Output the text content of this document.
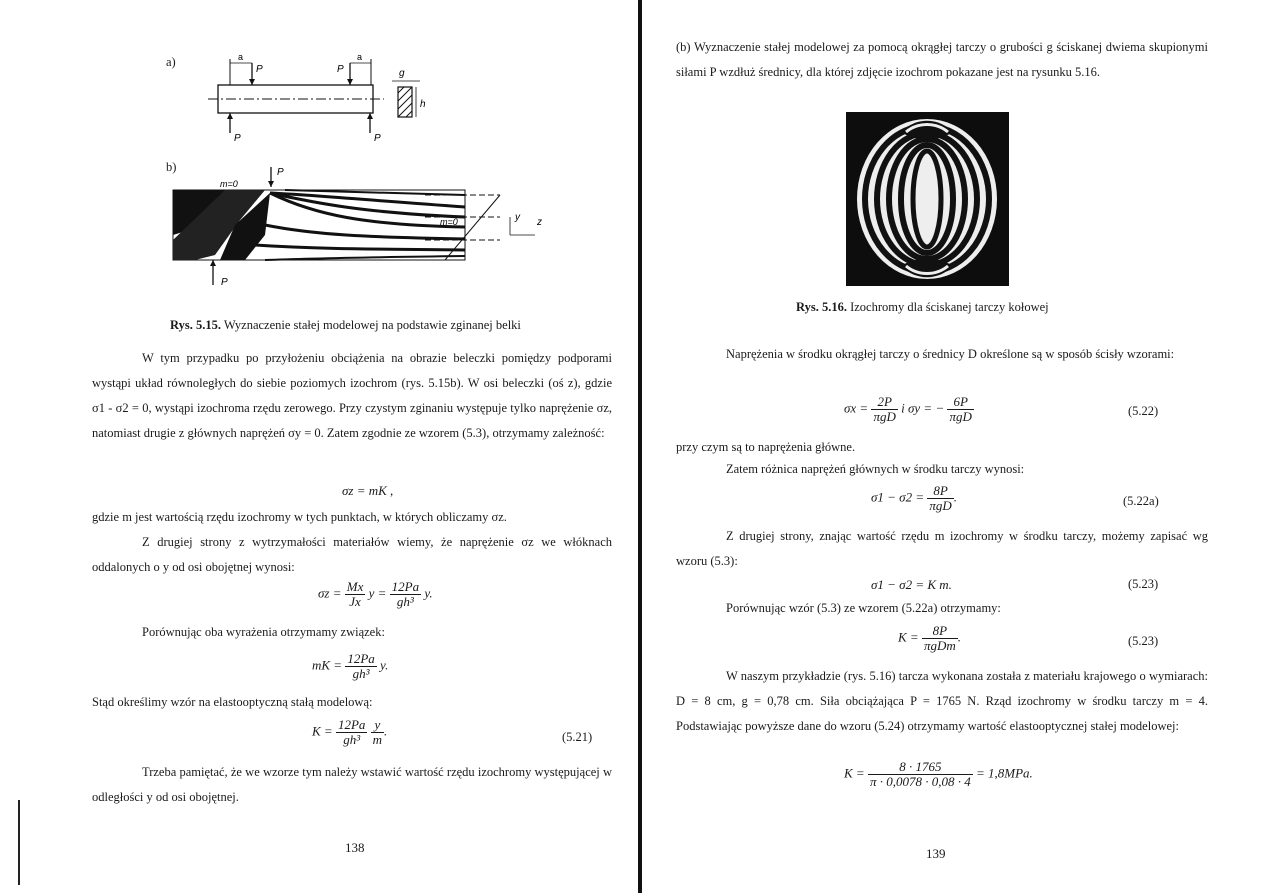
a)	a
P
a
P
P	P
g
h
b)
m=0
P
m=0	y z
P
Rys. 5.15. Wyznaczenie stałej modelowej na podstawie zginanej belki

W tym przypadku po przyłożeniu obciążenia na obrazie beleczki pomiędzy podporami wystąpi układ równoległych do siebie poziomych izochrom (rys. 5.15b). W osi beleczki (oś z), gdzie σ1 - σ2 = 0, wystąpi izochroma rzędu zerowego. Przy czystym zginaniu występuje tylko naprężenie σz, natomiast drugie z głównych naprężeń σy = 0. Zatem zgodnie ze wzorem (5.3), otrzymamy zależność:

σz = mK ,

gdzie m jest wartością rzędu izochromy w tych punktach, w których obliczamy σz.

Z drugiej strony z wytrzymałości materiałów wiemy, że naprężenie σz we włóknach oddalonych o y od osi obojętnej wynosi:

$\sigma z = \frac{Mx}{Jx}$ $y = \frac{12Pa}{\text{gh³}} y$.

Porównując oba wyrażenia otrzymamy związek:

mK = $\frac{12Pa}{\text{gh³}} y$.

Stąd określimy wzór na elastooptyczną stałą modelową:

$K = \frac{12Pa}{\text{gh³}}$
$\frac{y}{m}$ .	(5.21)

Trzeba pamiętać, że we wzorze tym należy wstawić wartość rzędu izochromy występującej w odległości y od osi obojętnej.

138

(b) Wyznaczenie stałej modelowej za pomocą okrągłej tarczy o grubości g ściskanej dwiema skupionymi siłami P wzdłuż średnicy, dla której zdjęcie izochrom pokazane jest na rysunku 5.16.

Rys. 5.16. Izochromy dla ściskanej tarczy kołowej

Naprężenia w środku okrągłej tarczy o średnicy D określone są w sposób ścisły wzorami:

$\sigma x = \frac{2P}{\text{πgD}}$ i σy = − $\frac{6P}{\text{πgD}}$	(5.22)

przy czym są to naprężenia główne.

Zatem różnica naprężeń głównych w środku tarczy wynosi:

$\sigma 1 - \sigma 2 = \frac{8P}{\text{πgD}}$ .	(5.22a)

Z drugiej strony, znając wartość rzędu m izochromy w środku tarczy, możemy zapisać wg wzoru (5.3):

σ1 − σ2 = K m.	(5.23)

Porównując wzór (5.3) ze wzorem (5.22a) otrzymamy:

$K = \frac{8P}{\text{πgDm}}$ .	(5.23)

W naszym przykładzie (rys. 5.16) tarcza wykonana została z materiału krajowego o wymiarach: D = 8 cm, g = 0,78 cm. Siła obciążająca P = 1765 N. Rząd izochromy w środku tarczy m = 4. Podstawiając powyższe dane do wzoru (5.24) otrzymamy wartość elastooptycznej stałej modelowej:

$K = \frac{8 \cdot 1765}{\pi \cdot 0,0078 \cdot 0,08 \cdot 4} = 1,8MPa$.
139
